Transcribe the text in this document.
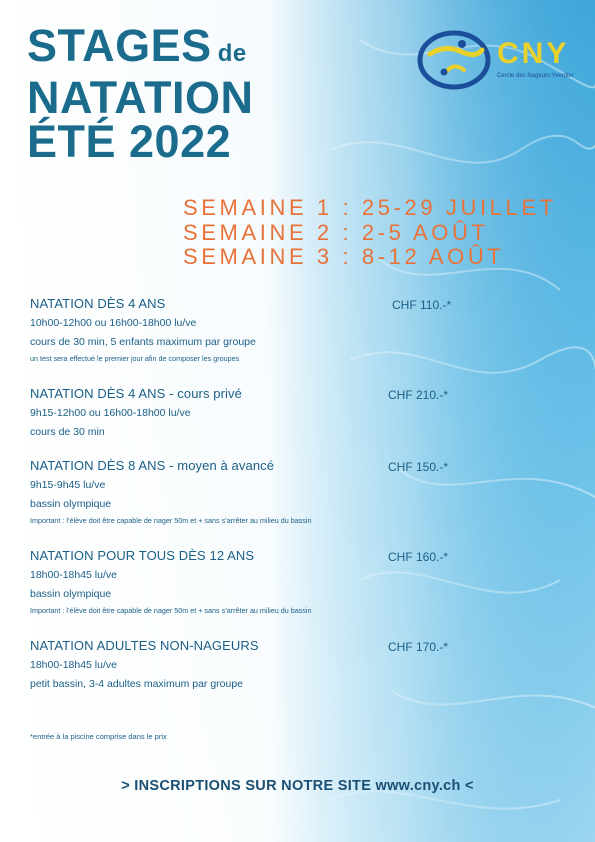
STAGES de
NATATION
ÉTÉ 2022
CNY
Cercle des Nageurs Yverdon
SEMAINE 1 : 25-29 JUILLET
SEMAINE 2 : 2-5 AOÛT
SEMAINE 3 : 8-12 AOÛT
NATATION DÈS 4 ANS	CHF 110.-*
10h00-12h00 ou 16h00-18h00 lu/ve
cours de 30 min, 5 enfants maximum par groupe
un test sera effectué le premier jour afin de composer les groupes
NATATION DÈS 4 ANS - cours privé	CHF 210.-*
9h15-12h00 ou 16h00-18h00 lu/ve
cours de 30 min
NATATION DÈS 8 ANS - moyen à avancé	CHF 150.-*
9h15-9h45 lu/ve
bassin olympique
Important : l’élève doit être capable de nager 50m et + sans s’arrêter au milieu du bassin
NATATION POUR TOUS DÈS 12 ANS	CHF 160.-*
18h00-18h45 lu/ve
bassin olympique
Important : l’élève doit être capable de nager 50m et + sans s’arrêter au milieu du bassin
NATATION ADULTES NON-NAGEURS	CHF 170.-*
18h00-18h45 lu/ve
petit bassin, 3-4 adultes maximum par groupe
*entrée à la piscine comprise dans le prix
> INSCRIPTIONS SUR NOTRE SITE www.cny.ch <
